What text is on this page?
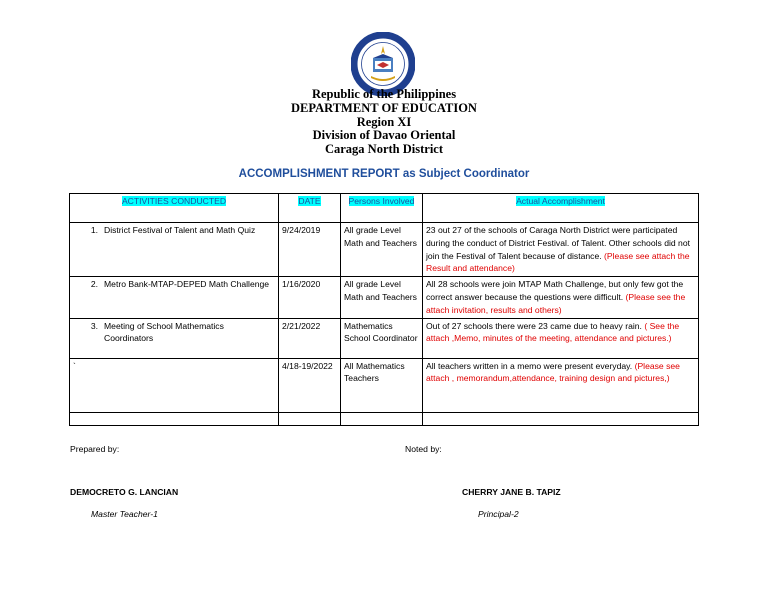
Republic of the Philippines
DEPARTMENT OF EDUCATION
Region XI
Division of Davao Oriental
Caraga North District
ACCOMPLISHMENT REPORT as Subject Coordinator
ACTIVITIES CONDUCTED	DATE	Persons Involved	Actual Accomplishment

1. District Festival of Talent and Math Quiz	9/24/2019	All grade Level Math and Teachers	23 out 27 of the schools of Caraga North District were participated during the conduct of District Festival. of Talent. Other schools did not join the Festival of Talent because of distance. (Please see attach the Result and attendance)

2. Metro Bank-MTAP-DEPED Math Challenge	1/16/2020	All grade Level Math and Teachers	All 28 schools were join MTAP Math Challenge, but only few got the correct answer because the questions were difficult. (Please see the attach invitation, results and others)

3. Meeting of School Mathematics Coordinators	2/21/2022	Mathematics School Coordinator	Out of 27 schools there were 23 came due to heavy rain. ( See the attach ,Memo, minutes of the meeting, attendance and pictures.)
`	4/18-19/2022	All Mathematics Teachers	All teachers written in a memo were present everyday. (Please see attach , memorandum,attendance, training design and pictures,)

Prepared by:	Noted by:
DEMOCRETO G. LANCIAN	CHERRY JANE B. TAPIZ
Master Teacher-1	Principal-2
